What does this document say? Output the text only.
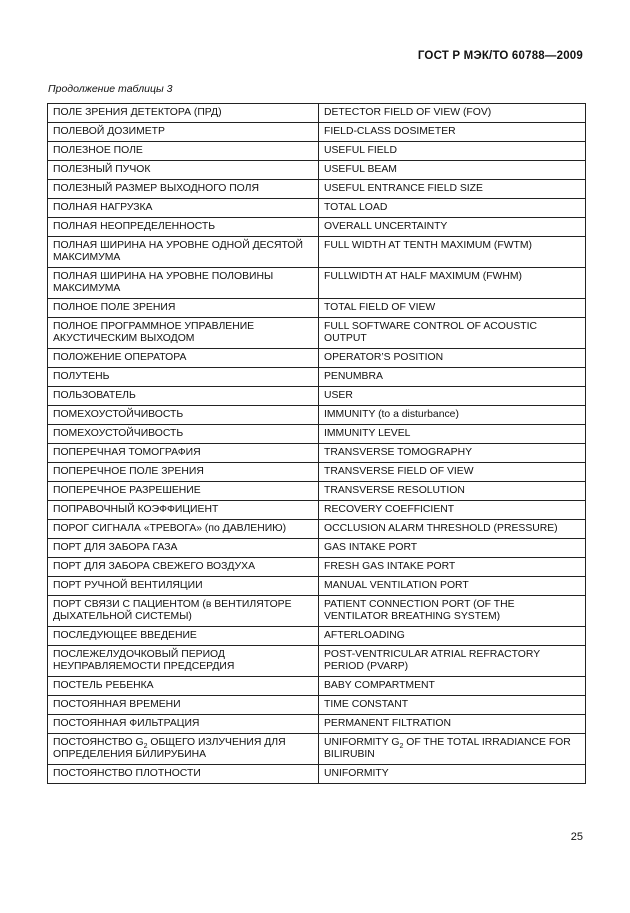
ГОСТ Р МЭК/ТО 60788—2009
Продолжение таблицы 3
ПОЛЕ ЗРЕНИЯ ДЕТЕКТОРА (ПРД)	DETECTOR FIELD OF VIEW (FOV)
ПОЛЕВОЙ ДОЗИМЕТР	FIELD-CLASS DOSIMETER
ПОЛЕЗНОЕ ПОЛЕ	USEFUL FIELD
ПОЛЕЗНЫЙ ПУЧОК	USEFUL BEAM
ПОЛЕЗНЫЙ РАЗМЕР ВЫХОДНОГО ПОЛЯ	USEFUL ENTRANCE FIELD SIZE
ПОЛНАЯ НАГРУЗКА	TOTAL LOAD
ПОЛНАЯ НЕОПРЕДЕЛЕННОСТЬ	OVERALL UNCERTAINTY
ПОЛНАЯ ШИРИНА НА УРОВНЕ ОДНОЙ ДЕСЯТОЙ МАКСИМУМА	FULL WIDTH AT TENTH MAXIMUM (FWTM)
ПОЛНАЯ ШИРИНА НА УРОВНЕ ПОЛОВИНЫ МАКСИМУМА	FULLWIDTH AT HALF MAXIMUM (FWHM)
ПОЛНОЕ ПОЛЕ ЗРЕНИЯ	TOTAL FIELD OF VIEW
ПОЛНОЕ ПРОГРАММНОЕ УПРАВЛЕНИЕ АКУСТИЧЕСКИМ ВЫХОДОМ	FULL SOFTWARE CONTROL OF ACOUSTIC OUTPUT
ПОЛОЖЕНИЕ ОПЕРАТОРА	OPERATOR’S POSITION
ПОЛУТЕНЬ	PENUMBRA
ПОЛЬЗОВАТЕЛЬ	USER
ПОМЕХОУСТОЙЧИВОСТЬ	IMMUNITY (to a disturbance)
ПОМЕХОУСТОЙЧИВОСТЬ	IMMUNITY LEVEL
ПОПЕРЕЧНАЯ ТОМОГРАФИЯ	TRANSVERSE TOMOGRAPHY
ПОПЕРЕЧНОЕ ПОЛЕ ЗРЕНИЯ	TRANSVERSE FIELD OF VIEW
ПОПЕРЕЧНОЕ РАЗРЕШЕНИЕ	TRANSVERSE RESOLUTION
ПОПРАВОЧНЫЙ КОЭФФИЦИЕНТ	RECOVERY COEFFICIENT
ПОРОГ СИГНАЛА «ТРЕВОГА» (по ДАВЛЕНИЮ)	OCCLUSION ALARM THRESHOLD (PRESSURE)
ПОРТ ДЛЯ ЗАБОРА ГАЗА	GAS INTAKE PORT
ПОРТ ДЛЯ ЗАБОРА СВЕЖЕГО ВОЗДУХА	FRESH GAS INTAKE PORT
ПОРТ РУЧНОЙ ВЕНТИЛЯЦИИ	MANUAL VENTILATION PORT
ПОРТ СВЯЗИ С ПАЦИЕНТОМ (в ВЕНТИЛЯТОРЕ ДЫХАТЕЛЬНОЙ СИСТЕМЫ)	PATIENT CONNECTION PORT (OF THE VENTILATOR BREATHING SYSTEM)
ПОСЛЕДУЮЩЕЕ ВВЕДЕНИЕ	AFTERLOADING
ПОСЛЕЖЕЛУДОЧКОВЫЙ ПЕРИОД НЕУПРАВЛЯЕМОСТИ ПРЕДСЕРДИЯ	POST-VENTRICULAR ATRIAL REFRACTORY PERIOD (PVARP)
ПОСТЕЛЬ РЕБЕНКА	BABY COMPARTMENT
ПОСТОЯННАЯ ВРЕМЕНИ	TIME CONSTANT
ПОСТОЯННАЯ ФИЛЬТРАЦИЯ	PERMANENT FILTRATION
ПОСТОЯНСТВО $G_2$ ОБЩЕГО ИЗЛУЧЕНИЯ ДЛЯ ОПРЕДЕЛЕНИЯ БИЛИРУБИНА	UNIFORMITY $G_2$ OF THE TOTAL IRRADIANCE FOR BILIRUBIN
ПОСТОЯНСТВО ПЛОТНОСТИ	UNIFORMITY
25
